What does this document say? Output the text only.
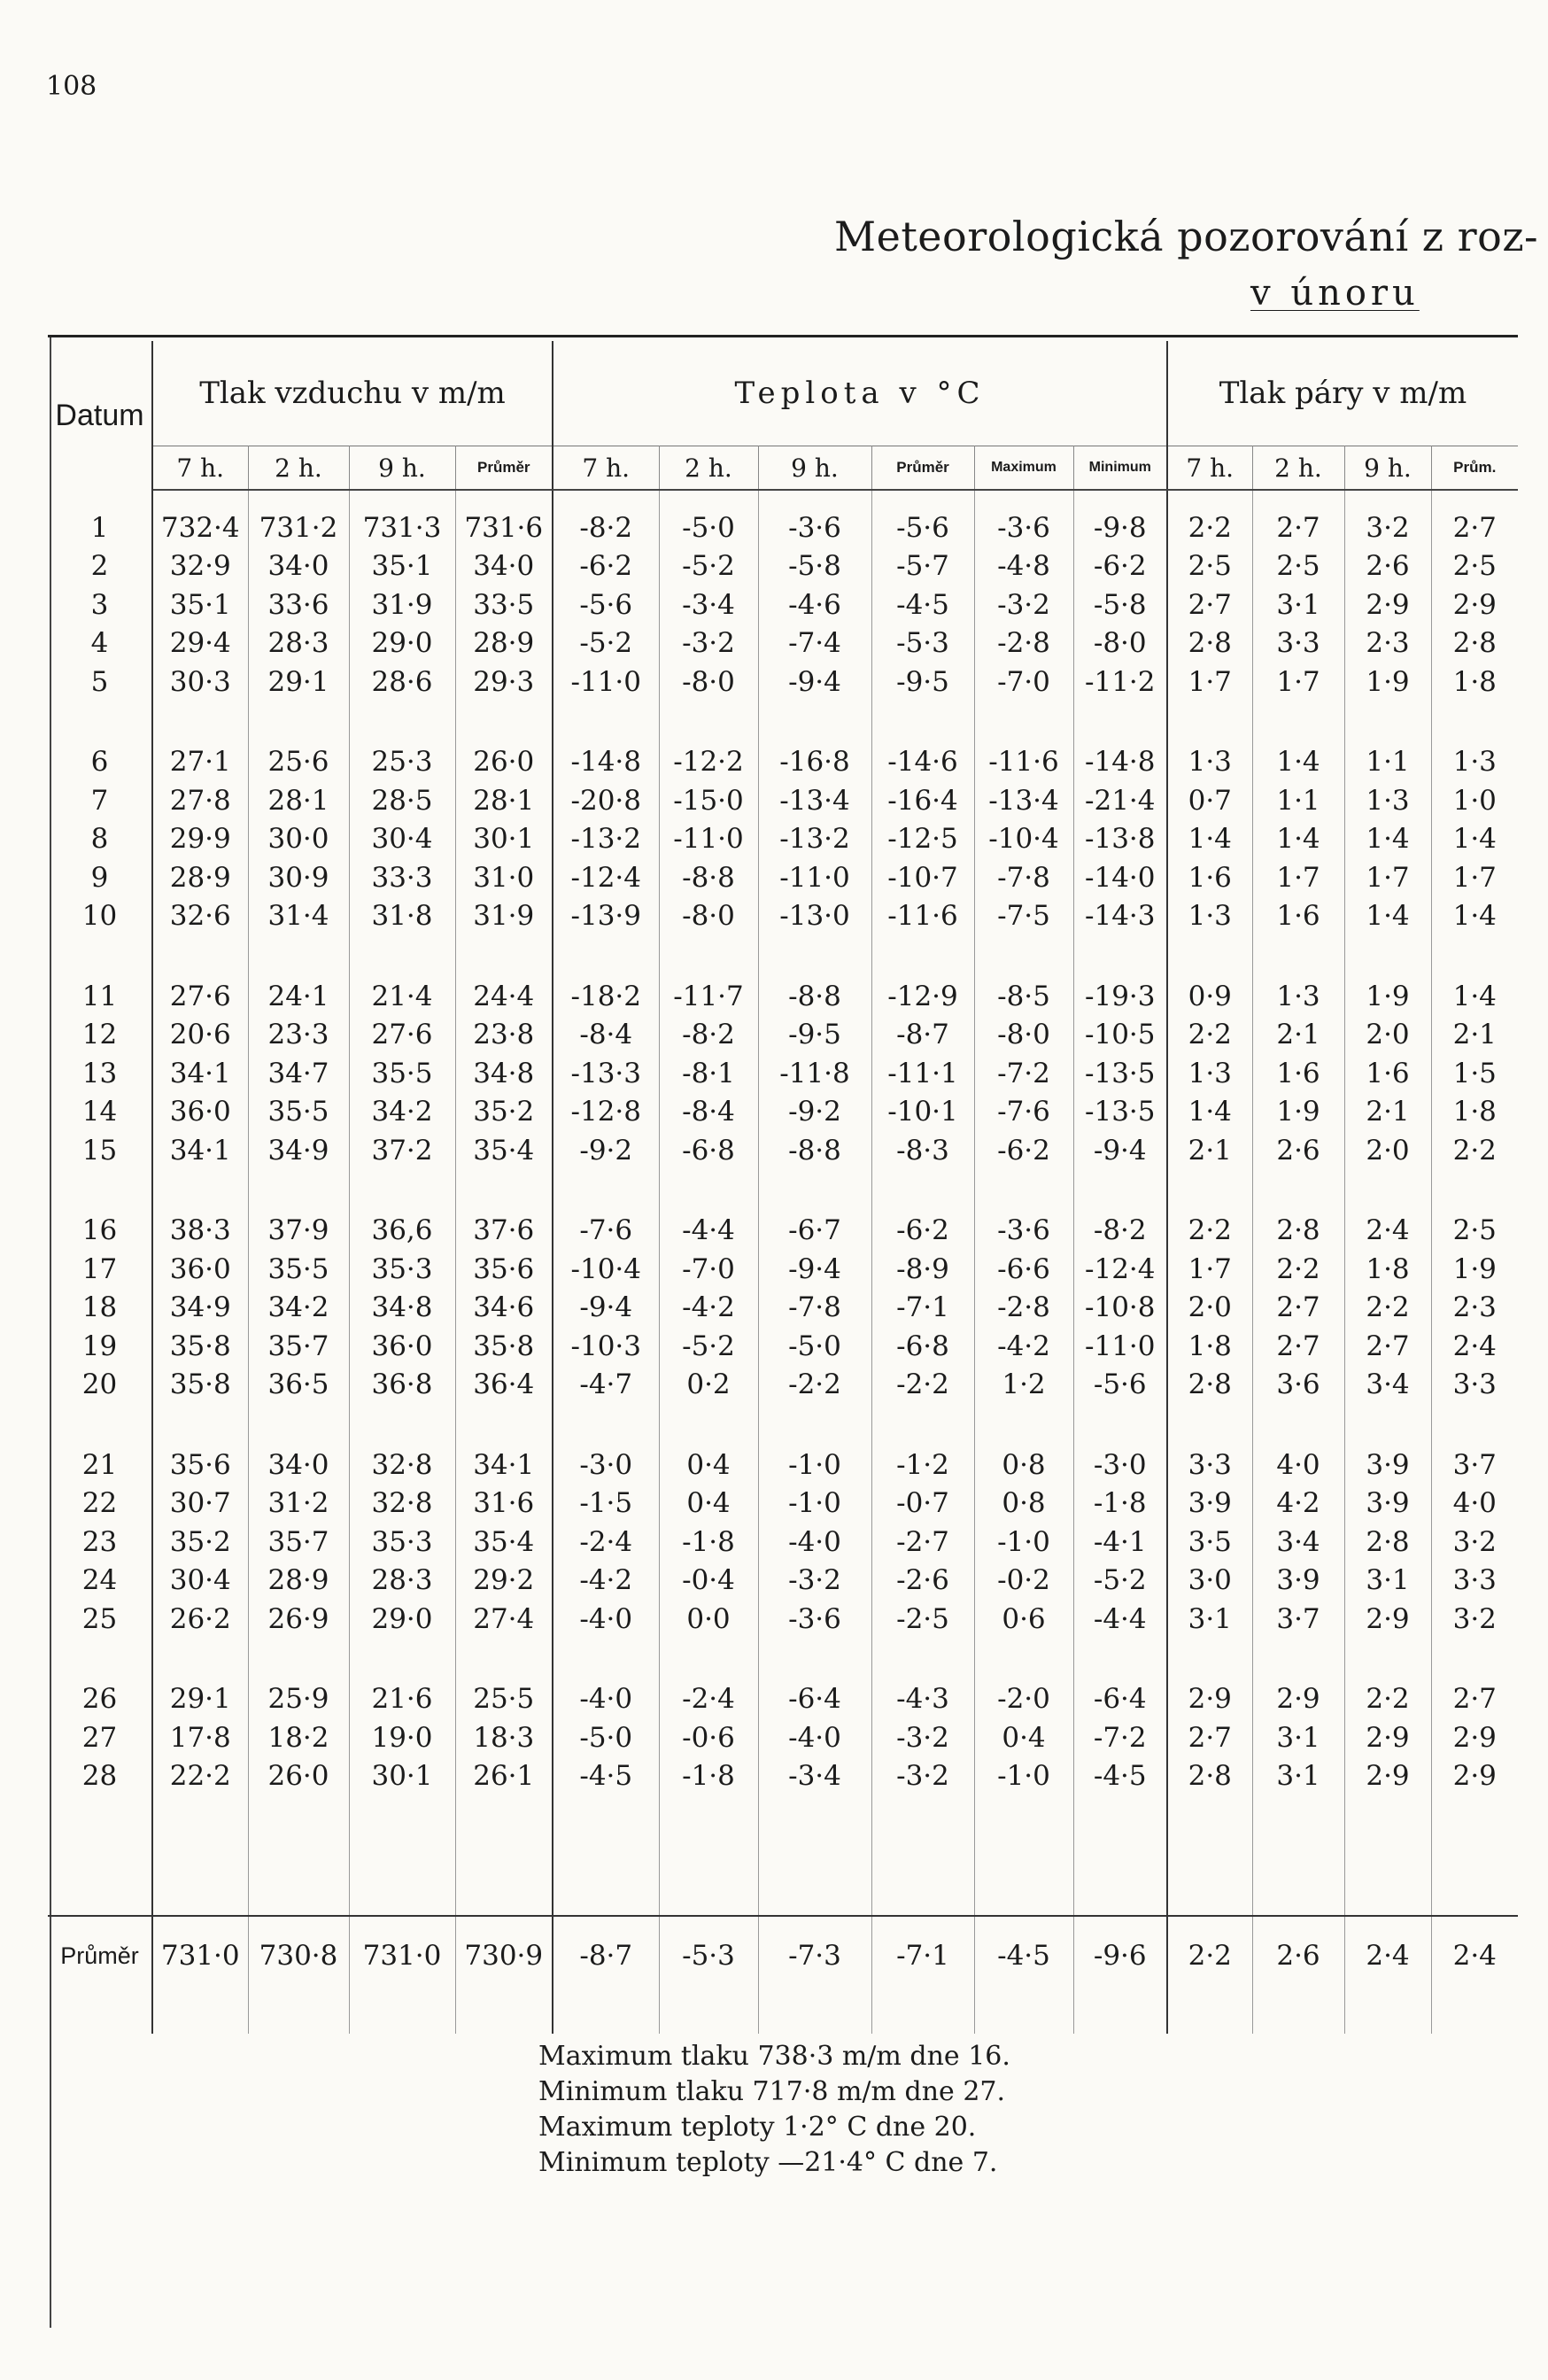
108
Meteorologická pozorování z roz-
v únoru

Datum	Tlak vzduchu v m/m				Teplota v °C						Tlak páry v m/m			
	7 h.	2 h.	9 h.	Průměr	7 h.	2 h.	9 h.	Průměr	Maximum	Minimum	7 h.	2 h.	9 h.	Prům.

1	732·4	731·2	731·3	731·6	-8·2	-5·0	-3·6	-5·6	-3·6	-9·8	2·2	2·7	3·2	2·7
2	32·9	34·0	35·1	34·0	-6·2	-5·2	-5·8	-5·7	-4·8	-6·2	2·5	2·5	2·6	2·5
3	35·1	33·6	31·9	33·5	-5·6	-3·4	-4·6	-4·5	-3·2	-5·8	2·7	3·1	2·9	2·9
4	29·4	28·3	29·0	28·9	-5·2	-3·2	-7·4	-5·3	-2·8	-8·0	2·8	3·3	2·3	2·8
5	30·3	29·1	28·6	29·3	-11·0	-8·0	-9·4	-9·5	-7·0	-11·2	1·7	1·7	1·9	1·8

6	27·1	25·6	25·3	26·0	-14·8	-12·2	-16·8	-14·6	-11·6	-14·8	1·3	1·4	1·1	1·3
7	27·8	28·1	28·5	28·1	-20·8	-15·0	-13·4	-16·4	-13·4	-21·4	0·7	1·1	1·3	1·0
8	29·9	30·0	30·4	30·1	-13·2	-11·0	-13·2	-12·5	-10·4	-13·8	1·4	1·4	1·4	1·4
9	28·9	30·9	33·3	31·0	-12·4	-8·8	-11·0	-10·7	-7·8	-14·0	1·6	1·7	1·7	1·7
10	32·6	31·4	31·8	31·9	-13·9	-8·0	-13·0	-11·6	-7·5	-14·3	1·3	1·6	1·4	1·4

11	27·6	24·1	21·4	24·4	-18·2	-11·7	-8·8	-12·9	-8·5	-19·3	0·9	1·3	1·9	1·4
12	20·6	23·3	27·6	23·8	-8·4	-8·2	-9·5	-8·7	-8·0	-10·5	2·2	2·1	2·0	2·1
13	34·1	34·7	35·5	34·8	-13·3	-8·1	-11·8	-11·1	-7·2	-13·5	1·3	1·6	1·6	1·5
14	36·0	35·5	34·2	35·2	-12·8	-8·4	-9·2	-10·1	-7·6	-13·5	1·4	1·9	2·1	1·8
15	34·1	34·9	37·2	35·4	-9·2	-6·8	-8·8	-8·3	-6·2	-9·4	2·1	2·6	2·0	2·2

16	38·3	37·9	36,6	37·6	-7·6	-4·4	-6·7	-6·2	-3·6	-8·2	2·2	2·8	2·4	2·5
17	36·0	35·5	35·3	35·6	-10·4	-7·0	-9·4	-8·9	-6·6	-12·4	1·7	2·2	1·8	1·9
18	34·9	34·2	34·8	34·6	-9·4	-4·2	-7·8	-7·1	-2·8	-10·8	2·0	2·7	2·2	2·3
19	35·8	35·7	36·0	35·8	-10·3	-5·2	-5·0	-6·8	-4·2	-11·0	1·8	2·7	2·7	2·4
20	35·8	36·5	36·8	36·4	-4·7	0·2	-2·2	-2·2	1·2	-5·6	2·8	3·6	3·4	3·3

21	35·6	34·0	32·8	34·1	-3·0	0·4	-1·0	-1·2	0·8	-3·0	3·3	4·0	3·9	3·7
22	30·7	31·2	32·8	31·6	-1·5	0·4	-1·0	-0·7	0·8	-1·8	3·9	4·2	3·9	4·0
23	35·2	35·7	35·3	35·4	-2·4	-1·8	-4·0	-2·7	-1·0	-4·1	3·5	3·4	2·8	3·2
24	30·4	28·9	28·3	29·2	-4·2	-0·4	-3·2	-2·6	-0·2	-5·2	3·0	3·9	3·1	3·3
25	26·2	26·9	29·0	27·4	-4·0	0·0	-3·6	-2·5	0·6	-4·4	3·1	3·7	2·9	3·2

26	29·1	25·9	21·6	25·5	-4·0	-2·4	-6·4	-4·3	-2·0	-6·4	2·9	2·9	2·2	2·7
27	17·8	18·2	19·0	18·3	-5·0	-0·6	-4·0	-3·2	0·4	-7·2	2·7	3·1	2·9	2·9
28	22·2	26·0	30·1	26·1	-4·5	-1·8	-3·4	-3·2	-1·0	-4·5	2·8	3·1	2·9	2·9

Průměr	731·0	730·8	731·0	730·9	-8·7	-5·3	-7·3	-7·1	-4·5	-9·6	2·2	2·6	2·4	2·4

Maximum tlaku 738·3 m/m dne 16.
Minimum tlaku 717·8 m/m dne 27.
Maximum teploty 1·2° C dne 20.
Minimum teploty —21·4° C dne 7.
